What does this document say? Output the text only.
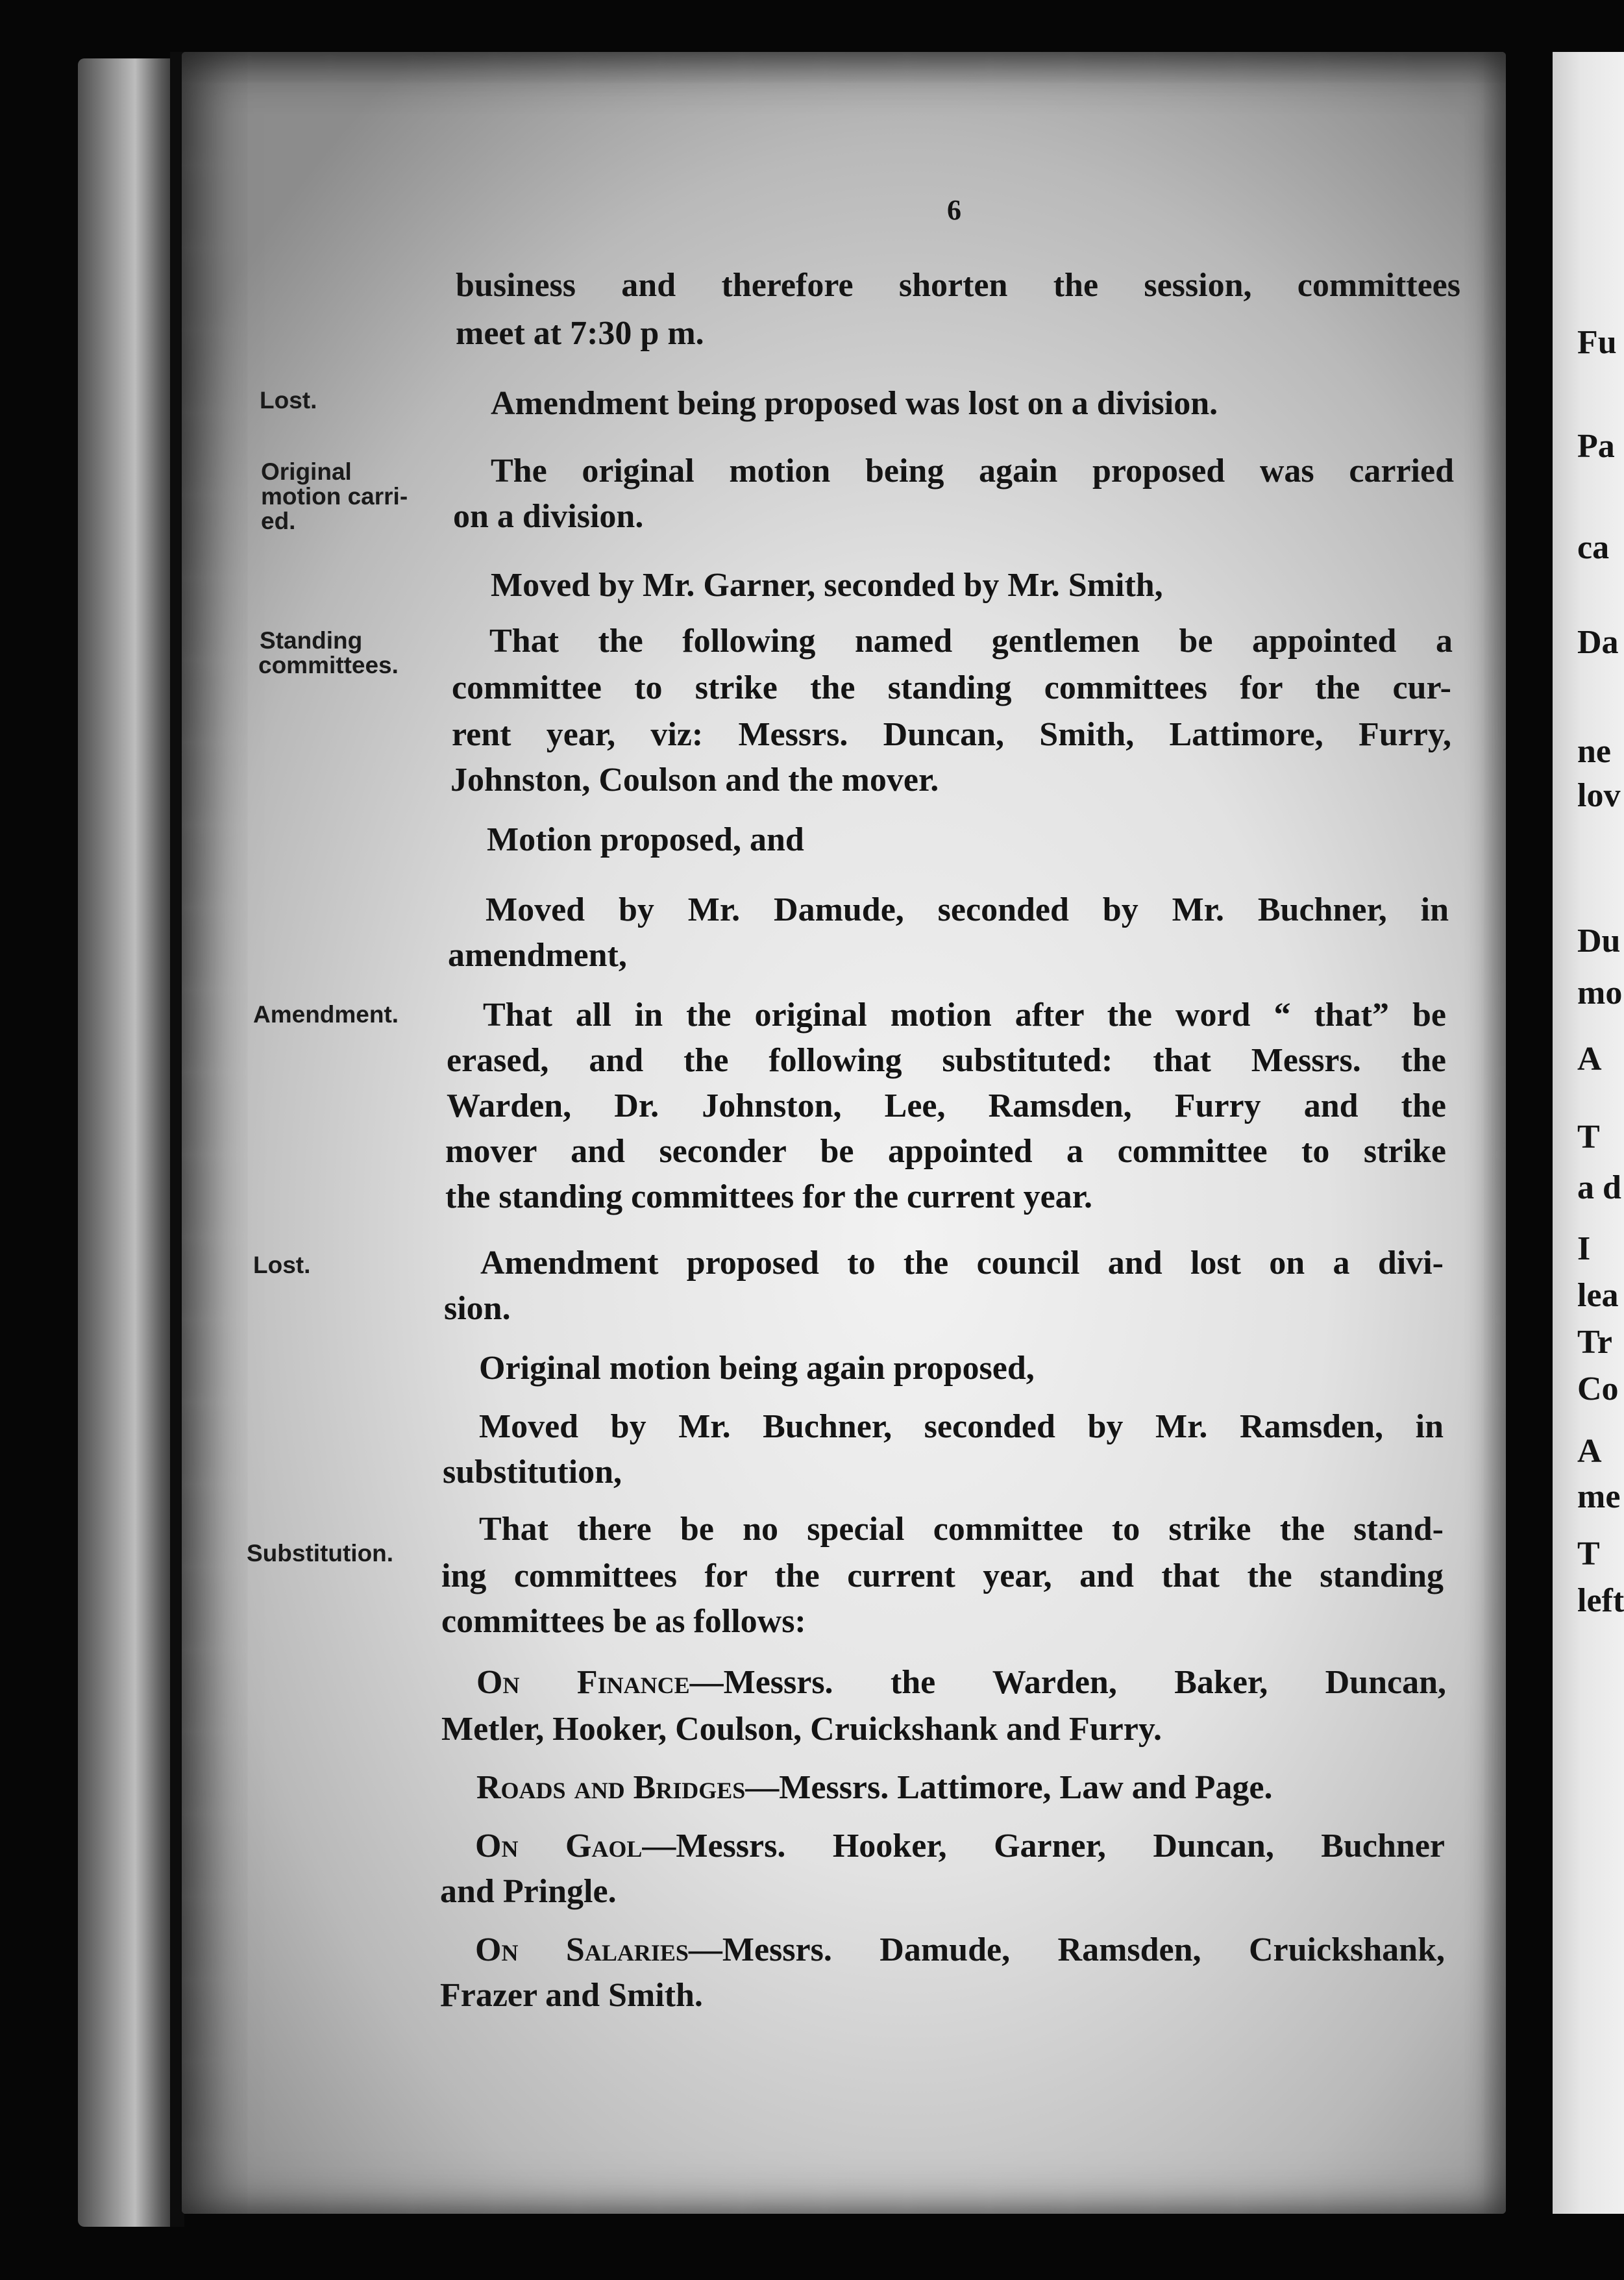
6
Lost.
Original
motion carri-
ed.
Standing
committees.
Amendment.
Lost.
Substitution.
business and therefore shorten the session, committees
meet at 7:30 p m.
Amendment being proposed was lost on a division.
The original motion being again proposed was carried
on a division.
Moved by Mr. Garner, seconded by Mr. Smith,
That the following named gentlemen be appointed a
committee to strike the standing committees for the cur-
rent year, viz: Messrs. Duncan, Smith, Lattimore, Furry,
Johnston, Coulson and the mover.
Motion proposed, and
Moved by Mr. Damude, seconded by Mr. Buchner, in
amendment,
That all in the original motion after the word “ that” be
erased, and the following substituted: that Messrs. the
Warden, Dr. Johnston, Lee, Ramsden, Furry and the
mover and seconder be appointed a committee to strike
the standing committees for the current year.
Amendment proposed to the council and lost on a divi-
sion.
Original motion being again proposed,
Moved by Mr. Buchner, seconded by Mr. Ramsden, in
substitution,
That there be no special committee to strike the stand-
ing committees for the current year, and that the standing
committees be as follows:
On Finance—Messrs. the Warden, Baker, Duncan,
Metler, Hooker, Coulson, Cruickshank and Furry.
Roads and Bridges—Messrs. Lattimore, Law and Page.
On Gaol—Messrs. Hooker, Garner, Duncan, Buchner
and Pringle.
On Salaries—Messrs. Damude, Ramsden, Cruickshank,
Frazer and Smith.
Fu
Pa
ca
Da
ne
lov
Du
mo
A
T
a d
I
lea
Tr
Co
A
me
T
left
